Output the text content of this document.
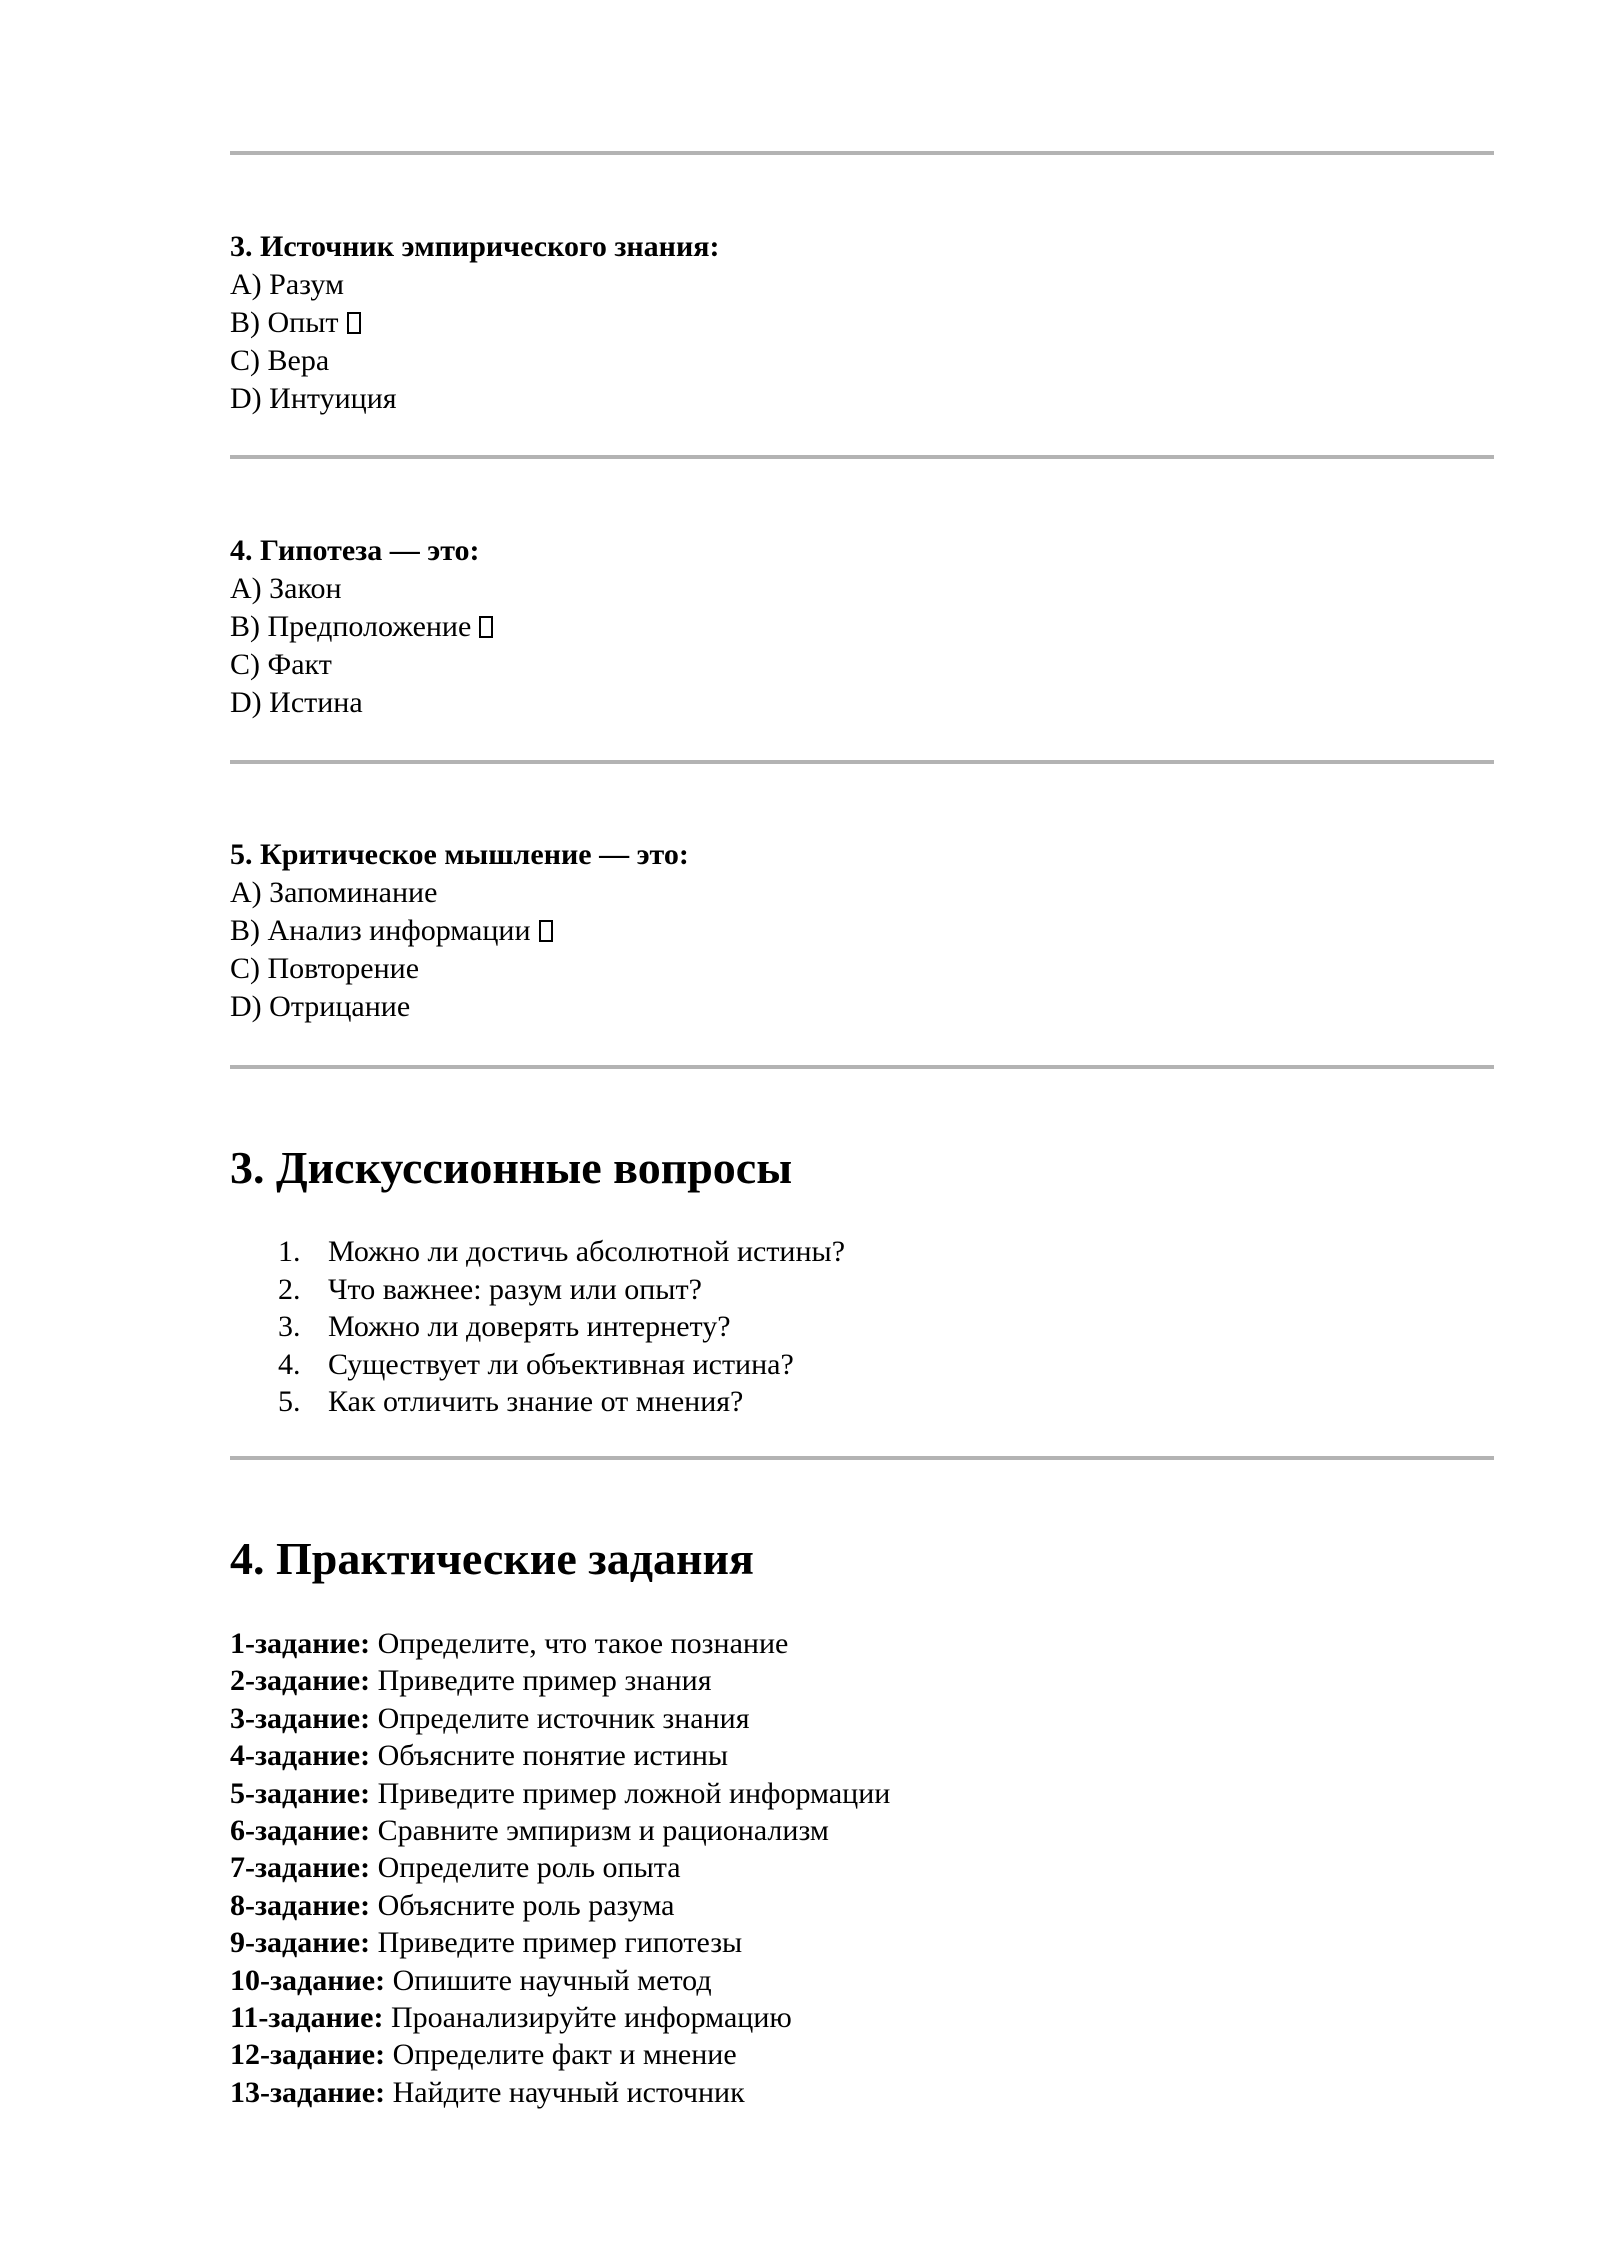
3. Источник эмпирического знания:

A) Разум

B) Опыт

C) Вера

D) Интуиция

4. Гипотеза — это:

A) Закон

B) Предположение

C) Факт

D) Истина

5. Критическое мышление — это:

A) Запоминание

B) Анализ информации

C) Повторение

D) Отрицание

3. Дискуссионные вопросы
1. Можно ли достичь абсолютной истины?
2. Что важнее: разум или опыт?
3. Можно ли доверять интернету?
4. Существует ли объективная истина?
5. Как отличить знание от мнения?
4. Практические задания
1-задание: Определите, что такое познание
2-задание: Приведите пример знания
3-задание: Определите источник знания
4-задание: Объясните понятие истины
5-задание: Приведите пример ложной информации
6-задание: Сравните эмпиризм и рационализм
7-задание: Определите роль опыта
8-задание: Объясните роль разума
9-задание: Приведите пример гипотезы
10-задание: Опишите научный метод
11-задание: Проанализируйте информацию
12-задание: Определите факт и мнение
13-задание: Найдите научный источник
